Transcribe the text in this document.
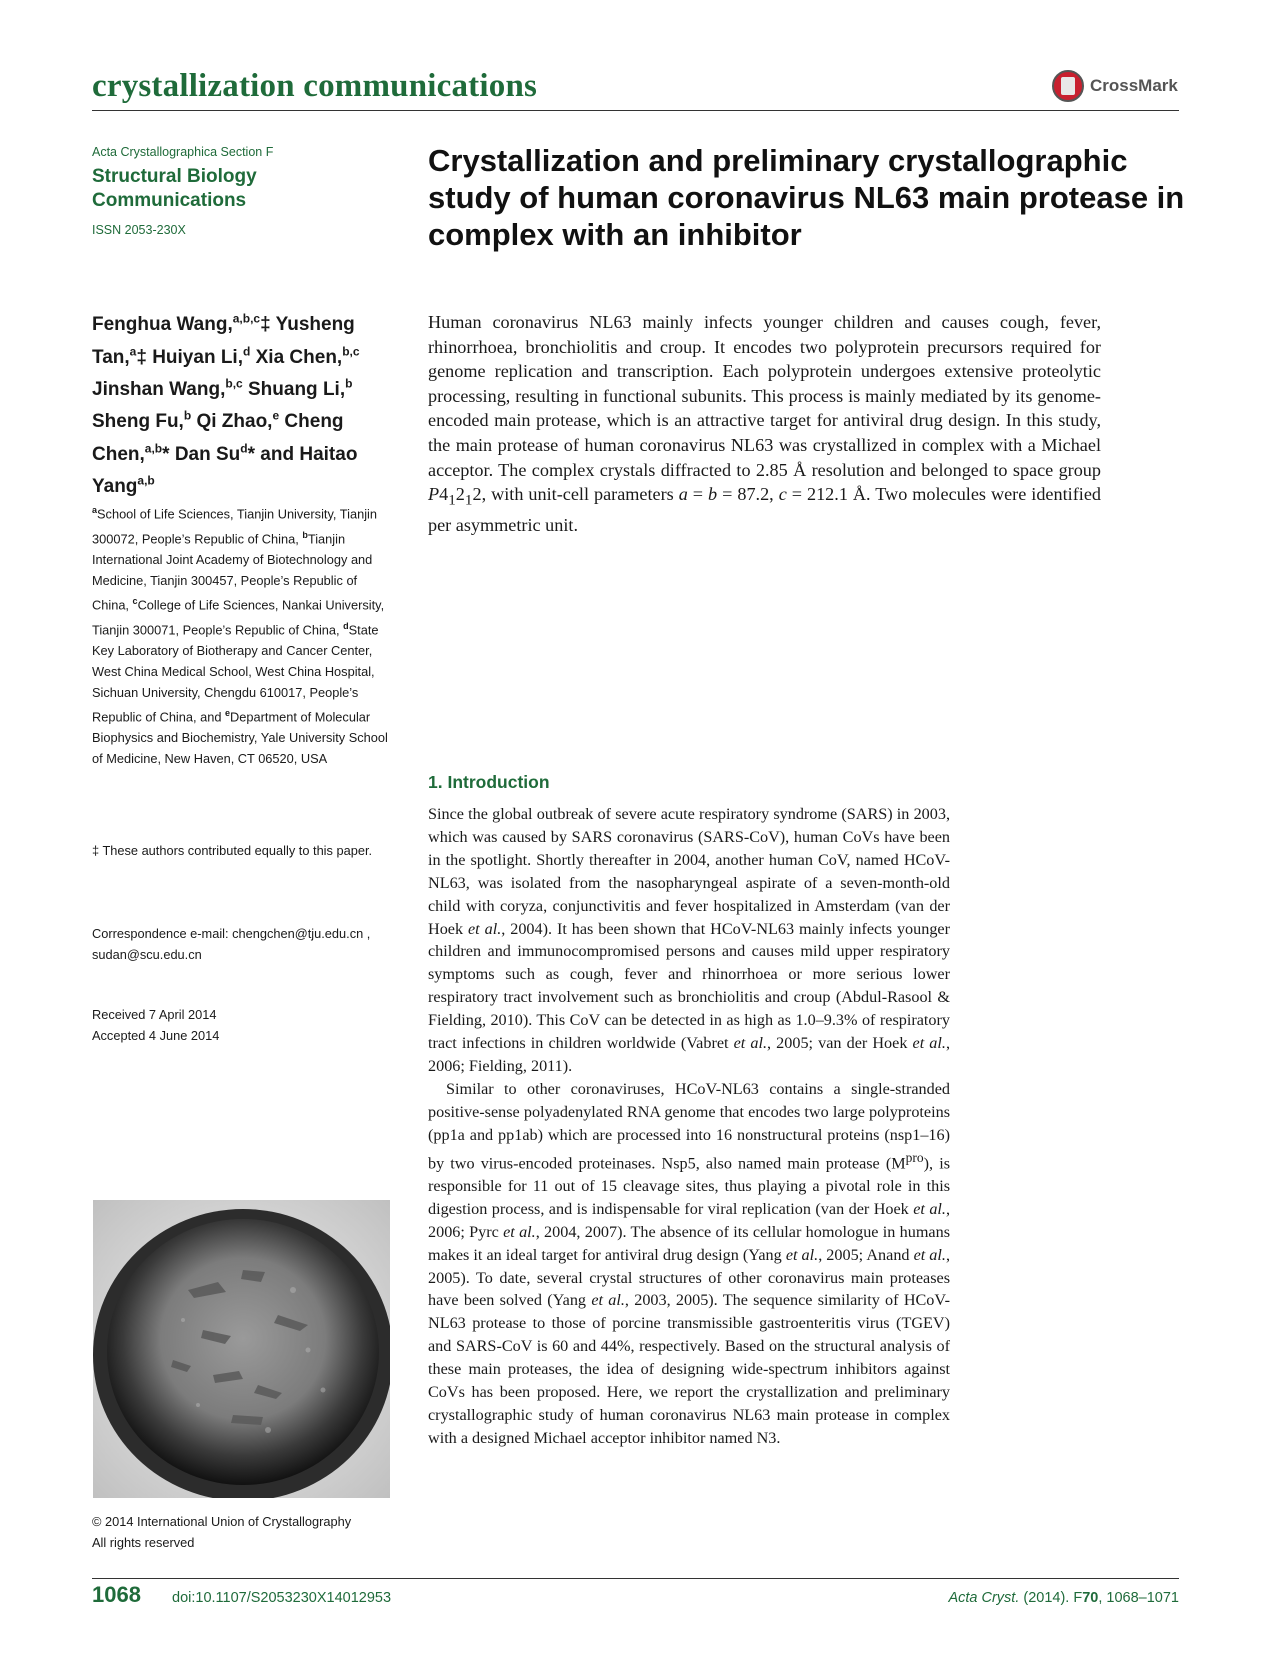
crystallization communications	CrossMark
Acta Crystallographica Section F
Structural Biology Communications
ISSN 2053-230X
Crystallization and preliminary crystallographic study of human coronavirus NL63 main protease in complex with an inhibitor
Fenghua Wang,$^{a,b,c}$‡ Yusheng Tan,$^a$‡ Huiyan Li,$^d$ Xia Chen,$^{b,c}$ Jinshan Wang,$^{b,c}$ Shuang Li,$^b$ Sheng Fu,$^b$ Qi Zhao,$^e$ Cheng Chen,$^{a,b}$* Dan Su$^d$* and Haitao Yang$^{a,b}$
$^a$School of Life Sciences, Tianjin University, Tianjin 300072, People’s Republic of China, $^b$Tianjin International Joint Academy of Biotechnology and Medicine, Tianjin 300457, People’s Republic of China, $^c$College of Life Sciences, Nankai University, Tianjin 300071, People’s Republic of China, $^d$State Key Laboratory of Biotherapy and Cancer Center, West China Medical School, West China Hospital, Sichuan University, Chengdu 610017, People’s Republic of China, and $^e$Department of Molecular Biophysics and Biochemistry, Yale University School of Medicine, New Haven, CT 06520, USA
‡ These authors contributed equally to this paper.
Correspondence e-mail: chengchen@tju.edu.cn , sudan@scu.edu.cn
Received 7 April 2014
Accepted 4 June 2014
© 2014 International Union of Crystallography
All rights reserved

Human coronavirus NL63 mainly infects younger children and causes cough, fever, rhinorrhoea, bronchiolitis and croup. It encodes two polyprotein precursors required for genome replication and transcription. Each polyprotein undergoes extensive proteolytic processing, resulting in functional subunits. This process is mainly mediated by its genome-encoded main protease, which is an attractive target for antiviral drug design. In this study, the main protease of human coronavirus NL63 was crystallized in complex with a Michael acceptor. The complex crystals diffracted to 2.85 Å resolution and belonged to space group $P4_12_12$, with unit-cell parameters a = b = 87.2, c = 212.1 Å. Two molecules were identified per asymmetric unit.

1. Introduction

Since the global outbreak of severe acute respiratory syndrome (SARS) in 2003, which was caused by SARS coronavirus (SARS-CoV), human CoVs have been in the spotlight. Shortly thereafter in 2004, another human CoV, named HCoV-NL63, was isolated from the nasopharyngeal aspirate of a seven-month-old child with coryza, conjunctivitis and fever hospitalized in Amsterdam (van der Hoek et al., 2004). It has been shown that HCoV-NL63 mainly infects younger children and immunocompromised persons and causes mild upper respiratory symptoms such as cough, fever and rhinorrhoea or more serious lower respiratory tract involvement such as bronchiolitis and croup (Abdul-Rasool & Fielding, 2010). This CoV can be detected in as high as 1.0–9.3% of respiratory tract infections in children worldwide (Vabret et al., 2005; van der Hoek et al., 2006; Fielding, 2011).

Similar to other coronaviruses, HCoV-NL63 contains a single-stranded positive-sense polyadenylated RNA genome that encodes two large polyproteins (pp1a and pp1ab) which are processed into 16 nonstructural proteins (nsp1–16) by two virus-encoded proteinases. Nsp5, also named main protease $(M^{pro})$, is responsible for 11 out of 15 cleavage sites, thus playing a pivotal role in this digestion process, and is indispensable for viral replication (van der Hoek et al., 2006; Pyrc et al., 2004, 2007). The absence of its cellular homologue in humans makes it an ideal target for antiviral drug design (Yang et al., 2005; Anand et al., 2005). To date, several crystal structures of other coronavirus main proteases have been solved (Yang et al., 2003, 2005). The sequence similarity of HCoV-NL63 protease to those of porcine transmissible gastroenteritis virus (TGEV) and SARS-CoV is 60 and 44%, respectively. Based on the structural analysis of these main proteases, the idea of designing wide-spectrum inhibitors against CoVs has been proposed. Here, we report the crystallization and preliminary crystallographic study of human coronavirus NL63 main protease in complex with a designed Michael acceptor inhibitor named N3.

1068 doi:10.1107/S2053230X14012953	Acta Cryst. (2014). F70, 1068–1071
